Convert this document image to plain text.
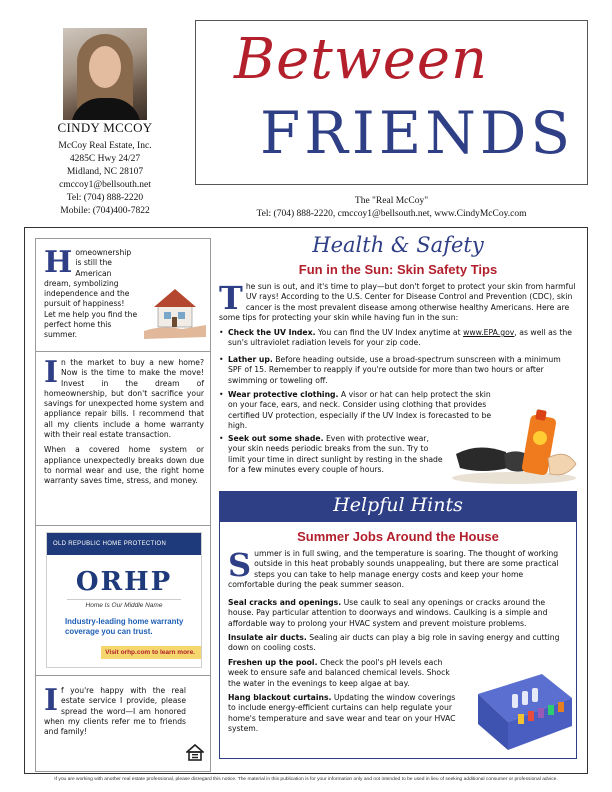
CINDY MCCOY
McCoy Real Estate, Inc.
4285C Hwy 24/27
Midland, NC 28107
cmccoy1@bellsouth.net
Tel: (704) 888-2220
Mobile: (704)400-7822
Between
FRIENDS
The "Real McCoy"
Tel: (704) 888-2220, cmccoy1@bellsouth.net, www.CindyMcCoy.com
H omeownership is still the American dream, symbolizing independence and the pursuit of happiness! Let me help you find the perfect home this summer.

In the market to buy a new home? Now is the time to make the move! Invest in the dream of homeownership, but don't sacrifice your savings for unexpected home system and appliance repair bills. I recommend that all my clients include a home warranty with their real estate transaction.

When a covered home system or appliance unexpectedly breaks down due to normal wear and use, the right home warranty saves time, stress, and money.

OLD REPUBLIC HOME PROTECTION
ORHP
Home Is Our Middle Name
Industry-leading home warranty coverage you can trust.
Visit orhp.com to learn more.
If you're happy with the real estate service I provide, please spread the word—I am honored when my clients refer me to friends and family!
Health & Safety
Fun in the Sun: Skin Safety Tips
The sun is out, and it's time to play—but don't forget to protect your skin from harmful UV rays! According to the U.S. Center for Disease Control and Prevention (CDC), skin cancer is the most prevalent disease among otherwise healthy Americans. Here are some tips for protecting your skin while having fun in the sun:
• Check the UV Index. You can find the UV Index anytime at www.EPA.gov, as well as the sun's ultraviolet radiation levels for your zip code.
• Lather up. Before heading outside, use a broad-spectrum sunscreen with a minimum SPF of 15. Remember to reapply if you're outside for more than two hours or after swimming or toweling off.
• Wear protective clothing. A visor or hat can help protect the skin on your face, ears, and neck. Consider using clothing that provides certified UV protection, especially if the UV Index is forecasted to be high.
• Seek out some shade. Even with protective wear, your skin needs periodic breaks from the sun. Try to limit your time in direct sunlight by resting in the shade for a few minutes every couple of hours.
Helpful Hints
Summer Jobs Around the House
Summer is in full swing, and the temperature is soaring. The thought of working outside in this heat probably sounds unappealing, but there are some practical steps you can take to help manage energy costs and keep your home comfortable during the peak summer season.
Seal cracks and openings. Use caulk to seal any openings or cracks around the house. Pay particular attention to doorways and windows. Caulking is a simple and affordable way to prolong your HVAC system and prevent moisture problems.
Insulate air ducts. Sealing air ducts can play a big role in saving energy and cutting down on cooling costs.
Freshen up the pool. Check the pool's pH levels each week to ensure safe and balanced chemical levels. Shock the water in the evenings to keep algae at bay.
Hang blackout curtains. Updating the window coverings to include energy-efficient curtains can help regulate your home's temperature and save wear and tear on your HVAC system.
If you are working with another real estate professional, please disregard this notice. The material in this publication is for your information only and not intended to be used in lieu of seeking additional consumer or professional advice.
